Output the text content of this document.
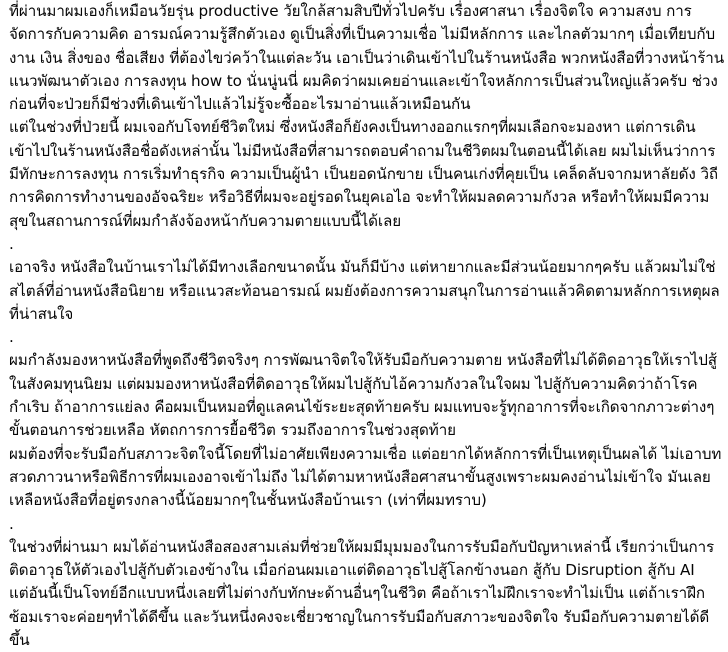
ที่ผ่านมาผมเองก็เหมือนวัยรุ่น productive วัยใกล้สามสิบปีทั่วไปครับ เรื่องศาสนา เรื่องจิตใจ ความสงบ การจัดการกับความคิด อารมณ์ความรู้สึกตัวเอง ดูเป็นสิ่งที่เป็นความเชื่อ ไม่มีหลักการ และไกลตัวมากๆ เมื่อเทียบกับ งาน เงิน สิ่งของ ชื่อเสียง ที่ต้องไขว่คว้าในแต่ละวัน เอาเป็นว่าเดินเข้าไปในร้านหนังสือ พวกหนังสือที่วางหน้าร้านแนวพัฒนาตัวเอง การลงทุน how to นั่นนู่นนี่ ผมคิดว่าผมเคยอ่านและเข้าใจหลักการเป็นส่วนใหญ่แล้วครับ ช่วงก่อนที่จะป่วยก็มีช่วงที่เดินเข้าไปแล้วไม่รู้จะซื้ออะไรมาอ่านแล้วเหมือนกัน
แต่ในช่วงที่ป่วยนี้ ผมเจอกับโจทย์ชีวิตใหม่ ซึ่งหนังสือก็ยังคงเป็นทางออกแรกๆที่ผมเลือกจะมองหา แต่การเดินเข้าไปในร้านหนังสือชื่อดังเหล่านั้น ไม่มีหนังสือที่สามารถตอบคำถามในชีวิตผมในตอนนี้ได้เลย ผมไม่เห็นว่าการมีทักษะการลงทุน การเริ่มทำธุรกิจ ความเป็นผู้นำ เป็นยอดนักขาย เป็นคนเก่งที่คุยเป็น เคล็ดลับจากมหาลัยดัง วิถีการคิดการทำงานของอัจฉริยะ หรือวิธีที่ผมจะอยู่รอดในยุคเอไอ จะทำให้ผมลดความกังวล หรือทำให้ผมมีความสุขในสถานการณ์ที่ผมกำลังจ้องหน้ากับความตายแบบนี้ได้เลย

.

เอาจริง หนังสือในบ้านเราไม่ได้มีทางเลือกขนาดนั้น มันก็มีบ้าง แต่หายากและมีส่วนน้อยมากๆครับ แล้วผมไม่ใช่สไตล์ที่อ่านหนังสือนิยาย หรือแนวสะท้อนอารมณ์ ผมยังต้องการความสนุกในการอ่านแล้วคิดตามหลักการเหตุผลที่น่าสนใจ

.

ผมกำลังมองหาหนังสือที่พูดถึงชีวิตจริงๆ การพัฒนาจิตใจให้รับมือกับความตาย หนังสือที่ไม่ได้ติดอาวุธให้เราไปสู้ในสังคมทุนนิยม แต่ผมมองหาหนังสือที่ติดอาวุธให้ผมไปสู้กับไอ้ความกังวลในใจผม ไปสู้กับความคิดว่าถ้าโรคกำเริบ ถ้าอาการแย่ลง คือผมเป็นหมอที่ดูแลคนไข้ระยะสุดท้ายครับ ผมแทบจะรู้ทุกอาการที่จะเกิดจากภาวะต่างๆ ขั้นตอนการช่วยเหลือ หัตถการการยื้อชีวิต รวมถึงอาการในช่วงสุดท้าย
ผมต้องที่จะรับมือกับสภาวะจิตใจนี้โดยที่ไม่อาศัยเพียงความเชื่อ แต่อยากได้หลักการที่เป็นเหตุเป็นผลได้ ไม่เอาบทสวดภาวนาหรือพิธีการที่ผมเองอาจเข้าไม่ถึง ไม่ได้ตามหาหนังสือศาสนาขั้นสูงเพราะผมคงอ่านไม่เข้าใจ มันเลยเหลือหนังสือที่อยู่ตรงกลางนี้น้อยมากๆในชั้นหนังสือบ้านเรา (เท่าที่ผมทราบ)

.

ในช่วงที่ผ่านมา ผมได้อ่านหนังสือสองสามเล่มที่ช่วยให้ผมมีมุมมองในการรับมือกับปัญหาเหล่านี้ เรียกว่าเป็นการติดอาวุธให้ตัวเองไปสู้กับตัวเองข้างใน เมื่อก่อนผมเอาแต่ติดอาวุธไปสู้โลกข้างนอก สู้กับ Disruption สู้กับ AI
แต่อันนี้เป็นโจทย์อีกแบบหนึ่งเลยที่ไม่ต่างกับทักษะด้านอื่นๆในชีวิต คือถ้าเราไม่ฝึกเราจะทำไม่เป็น แต่ถ้าเราฝึกซ้อมเราจะค่อยๆทำได้ดีขึ้น และวันหนึ่งคงจะเชี่ยวชาญในการรับมือกับสภาวะของจิตใจ รับมือกับความตายได้ดีขึ้น
